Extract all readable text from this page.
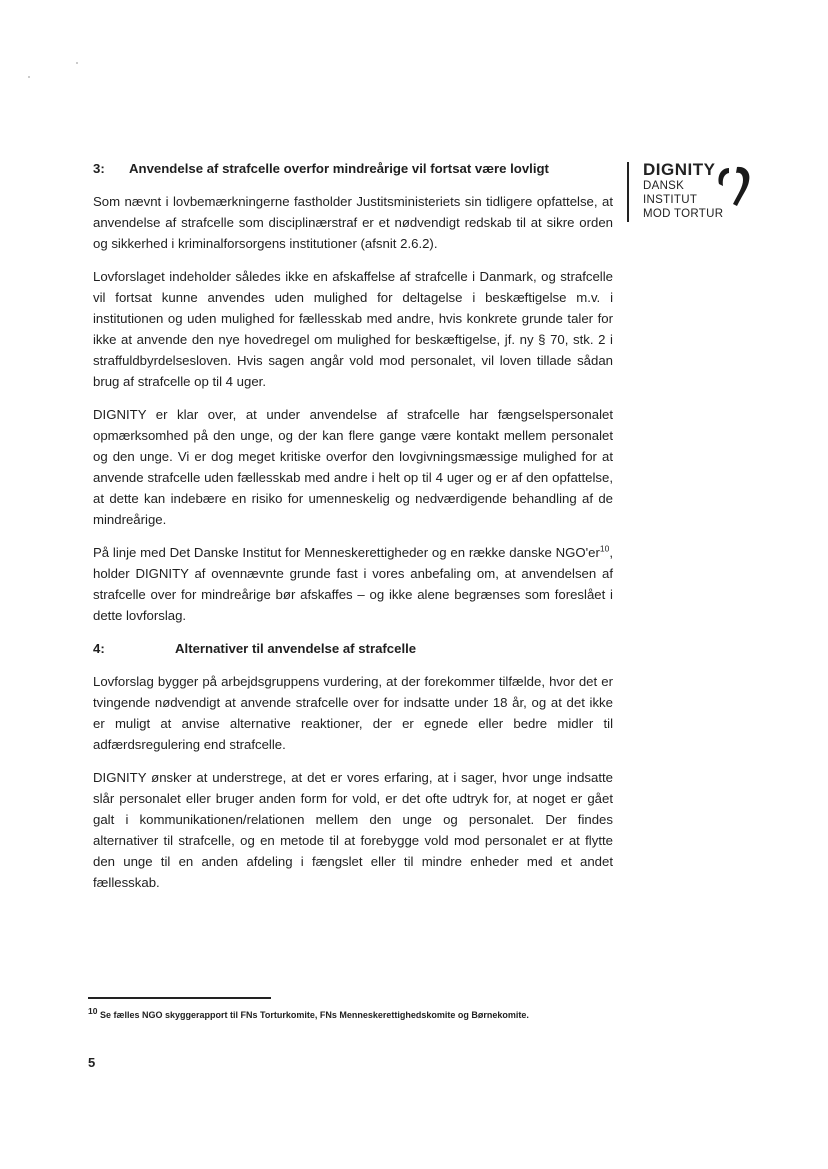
DIGNITY
DANSK
INSTITUT
MOD TORTUR
3:	Anvendelse af strafcelle overfor mindreårige vil fortsat være lovligt

Som nævnt i lovbemærkningerne fastholder Justitsministeriets sin tidligere opfattelse, at anvendelse af strafcelle som disciplinærstraf er et nødvendigt redskab til at sikre orden og sikkerhed i kriminalforsorgens institutioner (afsnit 2.6.2).

Lovforslaget indeholder således ikke en afskaffelse af strafcelle i Danmark, og strafcelle vil fortsat kunne anvendes uden mulighed for deltagelse i beskæftigelse m.v. i institutionen og uden mulighed for fællesskab med andre, hvis konkrete grunde taler for ikke at anvende den nye hovedregel om mulighed for beskæftigelse, jf. ny § 70, stk. 2 i straffuldbyrdelsesloven. Hvis sagen angår vold mod personalet, vil loven tillade sådan brug af strafcelle op til 4 uger.

DIGNITY er klar over, at under anvendelse af strafcelle har fængselspersonalet opmærksomhed på den unge, og der kan flere gange være kontakt mellem personalet og den unge. Vi er dog meget kritiske overfor den lovgivningsmæssige mulighed for at anvende strafcelle uden fællesskab med andre i helt op til 4 uger og er af den opfattelse, at dette kan indebære en risiko for umenneskelig og nedværdigende behandling af de mindreårige.

På linje med Det Danske Institut for Menneskerettigheder og en række danske $NGO'er^{10}$, holder DIGNITY af ovennævnte grunde fast i vores anbefaling om, at anvendelsen af strafcelle over for mindreårige bør afskaffes – og ikke alene begrænses som foreslået i dette lovforslag.

4:	Alternativer til anvendelse af strafcelle

Lovforslag bygger på arbejdsgruppens vurdering, at der forekommer tilfælde, hvor det er tvingende nødvendigt at anvende strafcelle over for indsatte under 18 år, og at det ikke er muligt at anvise alternative reaktioner, der er egnede eller bedre midler til adfærdsregulering end strafcelle.

DIGNITY ønsker at understrege, at det er vores erfaring, at i sager, hvor unge indsatte slår personalet eller bruger anden form for vold, er det ofte udtryk for, at noget er gået galt i kommunikationen/relationen mellem den unge og personalet. Der findes alternativer til strafcelle, og en metode til at forebygge vold mod personalet er at flytte den unge til en anden afdeling i fængslet eller til mindre enheder med et andet fællesskab.

$^{10}$ Se fælles NGO skyggerapport til FNs Torturkomite, FNs Menneskerettighedskomite og Børnekomite.
5
